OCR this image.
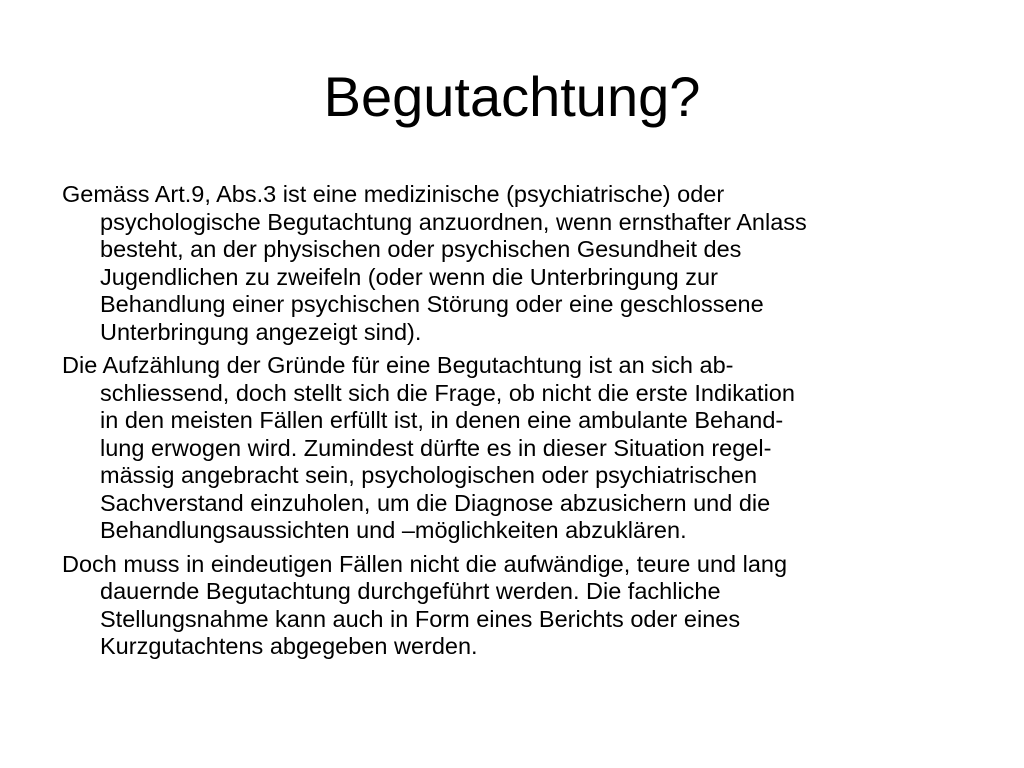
Begutachtung?
Gemäss Art.9, Abs.3 ist eine medizinische (psychiatrische) oder
psychologische Begutachtung anzuordnen, wenn ernsthafter Anlass
besteht, an der physischen oder psychischen Gesundheit des
Jugendlichen zu zweifeln (oder wenn die Unterbringung zur
Behandlung einer psychischen Störung oder eine geschlossene
Unterbringung angezeigt sind).
Die Aufzählung der Gründe für eine Begutachtung ist an sich ab-
schliessend, doch stellt sich die Frage, ob nicht die erste Indikation
in den meisten Fällen erfüllt ist, in denen eine ambulante Behand-
lung erwogen wird. Zumindest dürfte es in dieser Situation regel-
mässig angebracht sein, psychologischen oder psychiatrischen
Sachverstand einzuholen, um die Diagnose abzusichern und die
Behandlungsaussichten und –möglichkeiten abzuklären.
Doch muss in eindeutigen Fällen nicht die aufwändige, teure und lang
dauernde Begutachtung durchgeführt werden. Die fachliche
Stellungsnahme kann auch in Form eines Berichts oder eines
Kurzgutachtens abgegeben werden.
